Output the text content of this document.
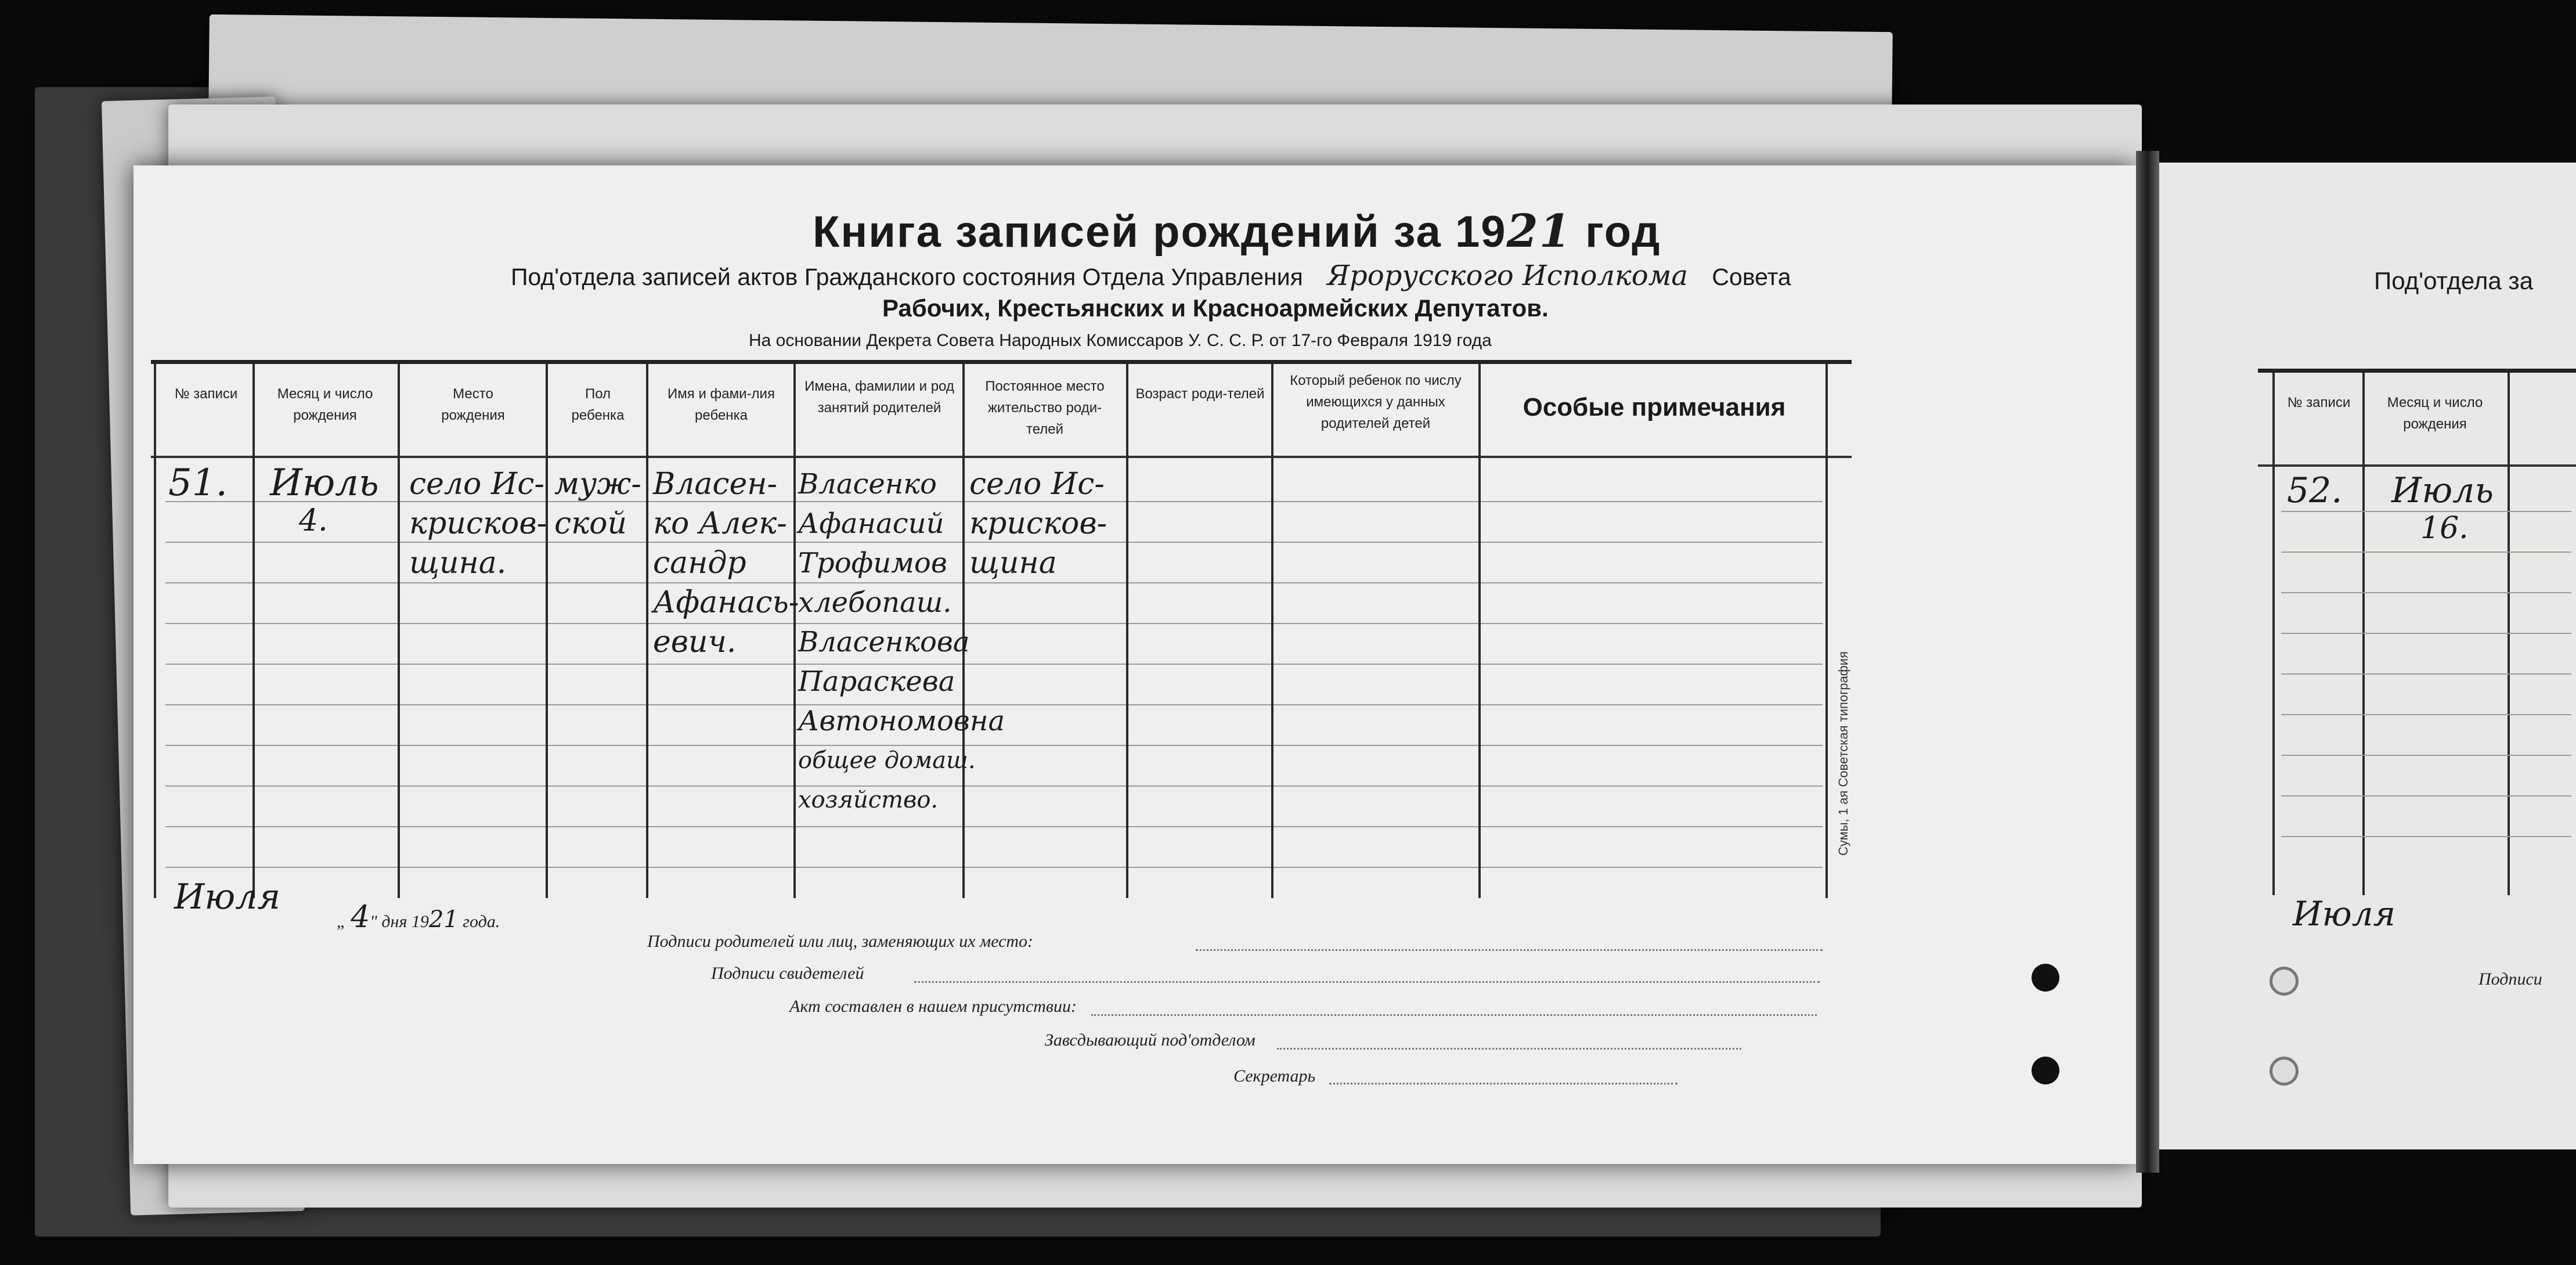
Книга записей рождений за 1921 год
Под'отдела записей актов Гражданского состояния Отдела Управления Ярорусского Исполкома Совета
Рабочих, Крестьянских и Красноармейских Депутатов.
На основании Декрета Совета Народных Комиссаров У. С. С. Р. от 17-го Февраля 1919 года
№ записи	Месяц и число рождения
Место рождения
Пол ребенка
Имя и фами-лия ребенка
Имена, фамилии и род занятий родителей
Постоянное место жительство роди-телей
Возраст роди-телей
Который ребенок по числу имеющихся у данных родителей детей
Особые примечания
51. Июль
4.
село Ис-
крисков-
щина.
муж-
ской
Власен-
ко Алек-
сандр
Афанась-
евич.
Власенко
Афанасий
Трофимов
хлебопаш.
Власенкова
Параскева
Автономовна
общее домаш.
хозяйство.
село Ис-
крисков-
щина
Сумы, 1 ая Советская типография
Июля
„ 4" дня 1921 года.
Подписи родителей или лиц, заменяющих их место:
Подписи свидетелей
Акт составлен в нашем присутствии:
Завсдывающий под'отделом
Секретарь
Под'отдела за
№ записи	Месяц и число рождения
52. Июль
16.
Июля
Подписи
